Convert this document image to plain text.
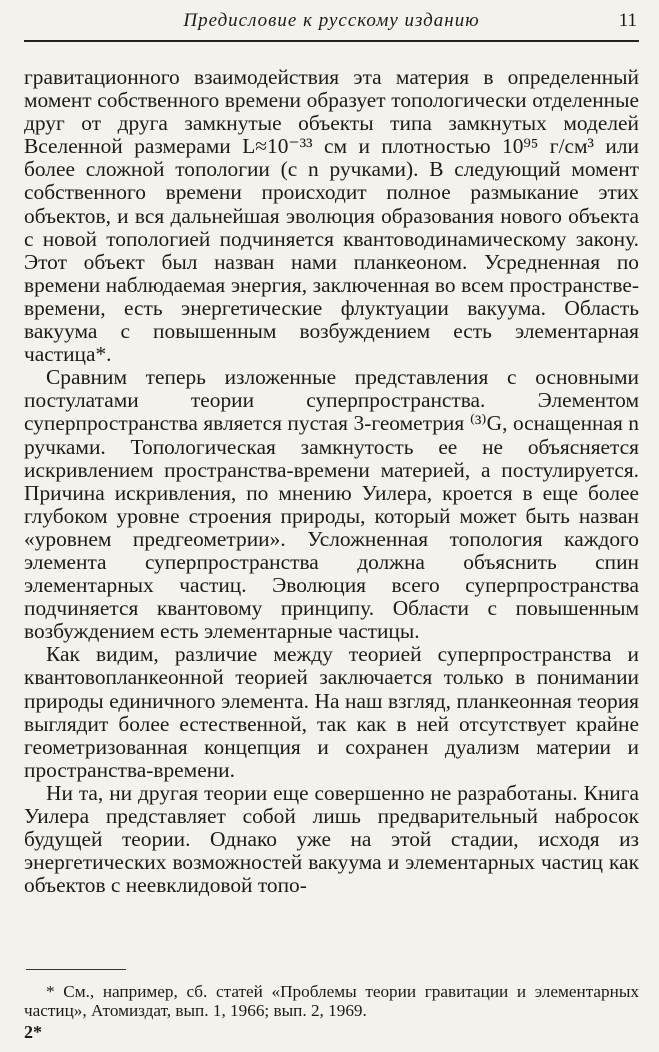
Предисловие к русскому изданию	11

гравитационного взаимодействия эта материя в определенный момент собственного времени образует топологически отделенные друг от друга замкнутые объекты типа замкнутых моделей Вселенной размерами L≈10⁻³³ см и плотностью 10⁹⁵ г/см³ или более сложной топологии (с n ручками). В следующий момент собственного времени происходит полное размыкание этих объектов, и вся дальнейшая эволюция образования нового объекта с новой топологией подчиняется квантоводинамическому закону. Этот объект был назван нами планкеоном. Усредненная по времени наблюдаемая энергия, заключенная во всем пространстве-времени, есть энергетические флуктуации вакуума. Область вакуума с повышенным возбуждением есть элементарная частица*.

Сравним теперь изложенные представления с основными постулатами теории суперпространства. Элементом суперпространства является пустая 3-геометрия ⁽³⁾G, оснащенная n ручками. Топологическая замкнутость ее не объясняется искривлением пространства-времени материей, а постулируется. Причина искривления, по мнению Уилера, кроется в еще более глубоком уровне строения природы, который может быть назван «уровнем предгеометрии». Усложненная топология каждого элемента суперпространства должна объяснить спин элементарных частиц. Эволюция всего суперпространства подчиняется квантовому принципу. Области с повышенным возбуждением есть элементарные частицы.

Как видим, различие между теорией суперпространства и квантовопланкеонной теорией заключается только в понимании природы единичного элемента. На наш взгляд, планкеонная теория выглядит более естественной, так как в ней отсутствует крайне геометризованная концепция и сохранен дуализм материи и пространства-времени.

Ни та, ни другая теории еще совершенно не разработаны. Книга Уилера представляет собой лишь предварительный набросок будущей теории. Однако уже на этой стадии, исходя из энергетических возможностей вакуума и элементарных частиц как объектов с неевклидовой топо-

* См., например, сб. статей «Проблемы теории гравитации и элементарных частиц», Атомиздат, вып. 1, 1966; вып. 2, 1969.
2*
